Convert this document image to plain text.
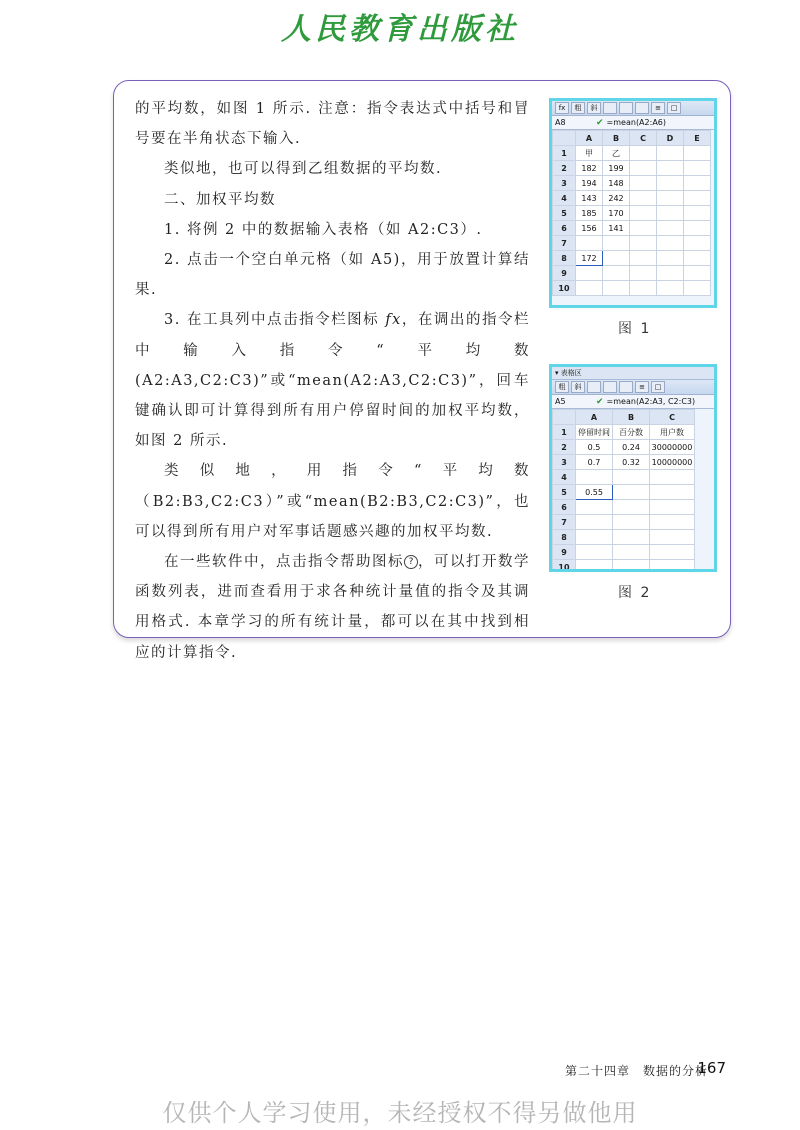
人民教育出版社

的平均数，如图 1 所示. 注意：指令表达式中括号和冒号要在半角状态下输入.

类似地，也可以得到乙组数据的平均数.

二、加权平均数

1. 将例 2 中的数据输入表格（如 A2:C3）.

2. 点击一个空白单元格（如 A5)，用于放置计算结果.

3. 在工具列中点击指令栏图标 fx，在调出的指令栏中输入指令“平均数(A2:A3,C2:C3)”或“mean(A2:A3,C2:C3)”，回车键确认即可计算得到所有用户停留时间的加权平均数，如图 2 所示.

类似地，用指令“平均数（B2:B3,C2:C3）”或“mean(B2:B3,C2:C3)”，也可以得到所有用户对军事话题感兴趣的加权平均数.

在一些软件中，点击指令帮助图标 ? ，可以打开数学函数列表，进而查看用于求各种统计量值的指令及其调用格式. 本章学习的所有统计量，都可以在其中找到相应的计算指令.

fx	粗	斜	≡	□
A8	✔ =mean(A2:A6)
	A	B	C	D	E
1	甲	乙			
2	182	199			
3	194	148			
4	143	242			
5	185	170			
6	156	141			
7					
8	172				
9					
10					
图 1
▾ 表格区
粗	斜	≡	□
A5	✔ =mean(A2:A3, C2:C3)
	A	B	C
1	停留时间	百分数	用户数
2	0.5	0.24	30000000
3	0.7	0.32	10000000
4			
5	0.55		
6			
7			
8			
9			
10			
图 2
第二十四章　数据的分析
167
仅供个人学习使用，未经授权不得另做他用
